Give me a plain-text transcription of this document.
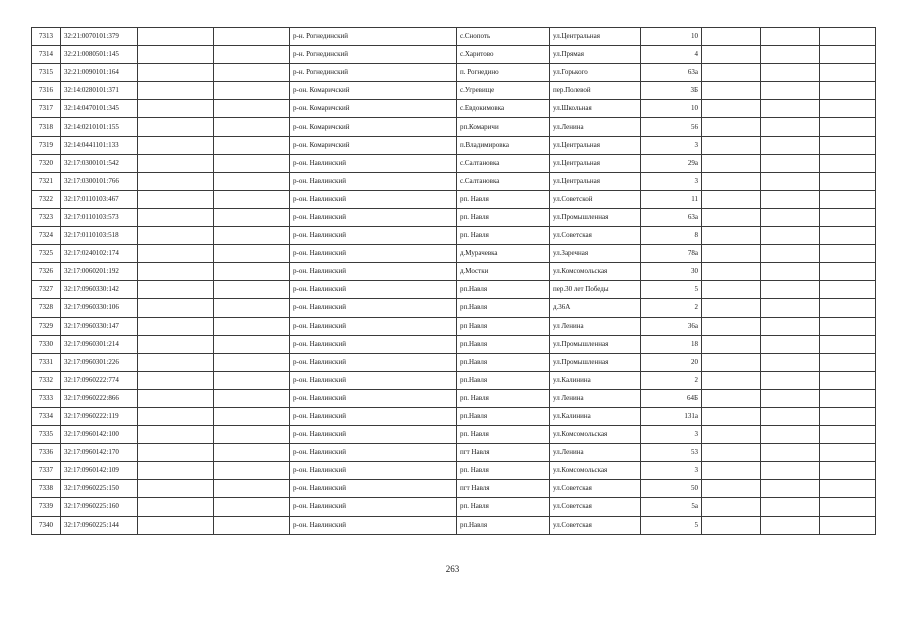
7313	32:21:0070101:379			р-н. Рогнединский	с.Снопоть	ул.Центральная	10			
7314	32:21:0080501:145			р-н. Рогнединский	с.Харитово	ул.Прямая	4			
7315	32:21:0090101:164			р-н. Рогнединский	п. Рогнедино	ул.Горького	63а			
7316	32:14:0280101:371			р-он. Комаричский	с.Угревище	пер.Полевой	3Б			
7317	32:14:0470101:345			р-он. Комаричский	с.Евдокимовка	ул.Школьная	10			
7318	32:14:0210101:155			р-он. Комаричский	рп.Комаричи	ул.Ленина	56			
7319	32:14:0441101:133			р-он. Комаричский	п.Владимировка	ул.Центральная	3			
7320	32:17:0300101:542			р-он. Навлинский	с.Салтановка	ул.Центральная	29а			
7321	32:17:0300101:766			р-он. Навлинский	с.Салтановка	ул.Центральная	3			
7322	32:17:0110103:467			р-он. Навлинский	рп. Навля	ул.Советской	11			
7323	32:17:0110103:573			р-он. Навлинский	рп. Навля	ул.Промышленная	63а			
7324	32:17:0110103:518			р-он. Навлинский	рп. Навля	ул.Советская	8			
7325	32:17:0240102:174			р-он. Навлинский	д.Мурачевка	ул.Заречная	78а			
7326	32:17:0060201:192			р-он. Навлинский	д.Мостки	ул.Комсомольская	30			
7327	32:17:0960330:142			р-он. Навлинский	рп.Навля	пер.30 лет Победы	5			
7328	32:17:0960330:106			р-он. Навлинский	рп.Навля	д.36А	2			
7329	32:17:0960330:147			р-он. Навлинский	рп Навля	ул Ленина	36а			
7330	32:17:0960301:214			р-он. Навлинский	рп.Навля	ул.Промышленная	18			
7331	32:17:0960301:226			р-он. Навлинский	рп.Навля	ул.Промышленная	20			
7332	32:17:0960222:774			р-он. Навлинский	рп.Навля	ул.Калинина	2			
7333	32:17:0960222:866			р-он. Навлинский	рп. Навля	ул Ленина	64Б			
7334	32:17:0960222:119			р-он. Навлинский	рп.Навля	ул.Калинина	131а			
7335	32:17:0960142:100			р-он. Навлинский	рп. Навля	ул.Комсомольская	3			
7336	32:17:0960142:170			р-он. Навлинский	пгт Навля	ул.Ленина	53			
7337	32:17:0960142:109			р-он. Навлинский	рп. Навля	ул.Комсомольская	3			
7338	32:17:0960225:150			р-он. Навлинский	пгт Навля	ул.Советская	50			
7339	32:17:0960225:160			р-он. Навлинский	рп. Навля	ул.Советская	5а			
7340	32:17:0960225:144			р-он. Навлинский	рп.Навля	ул.Советская	5			
263
